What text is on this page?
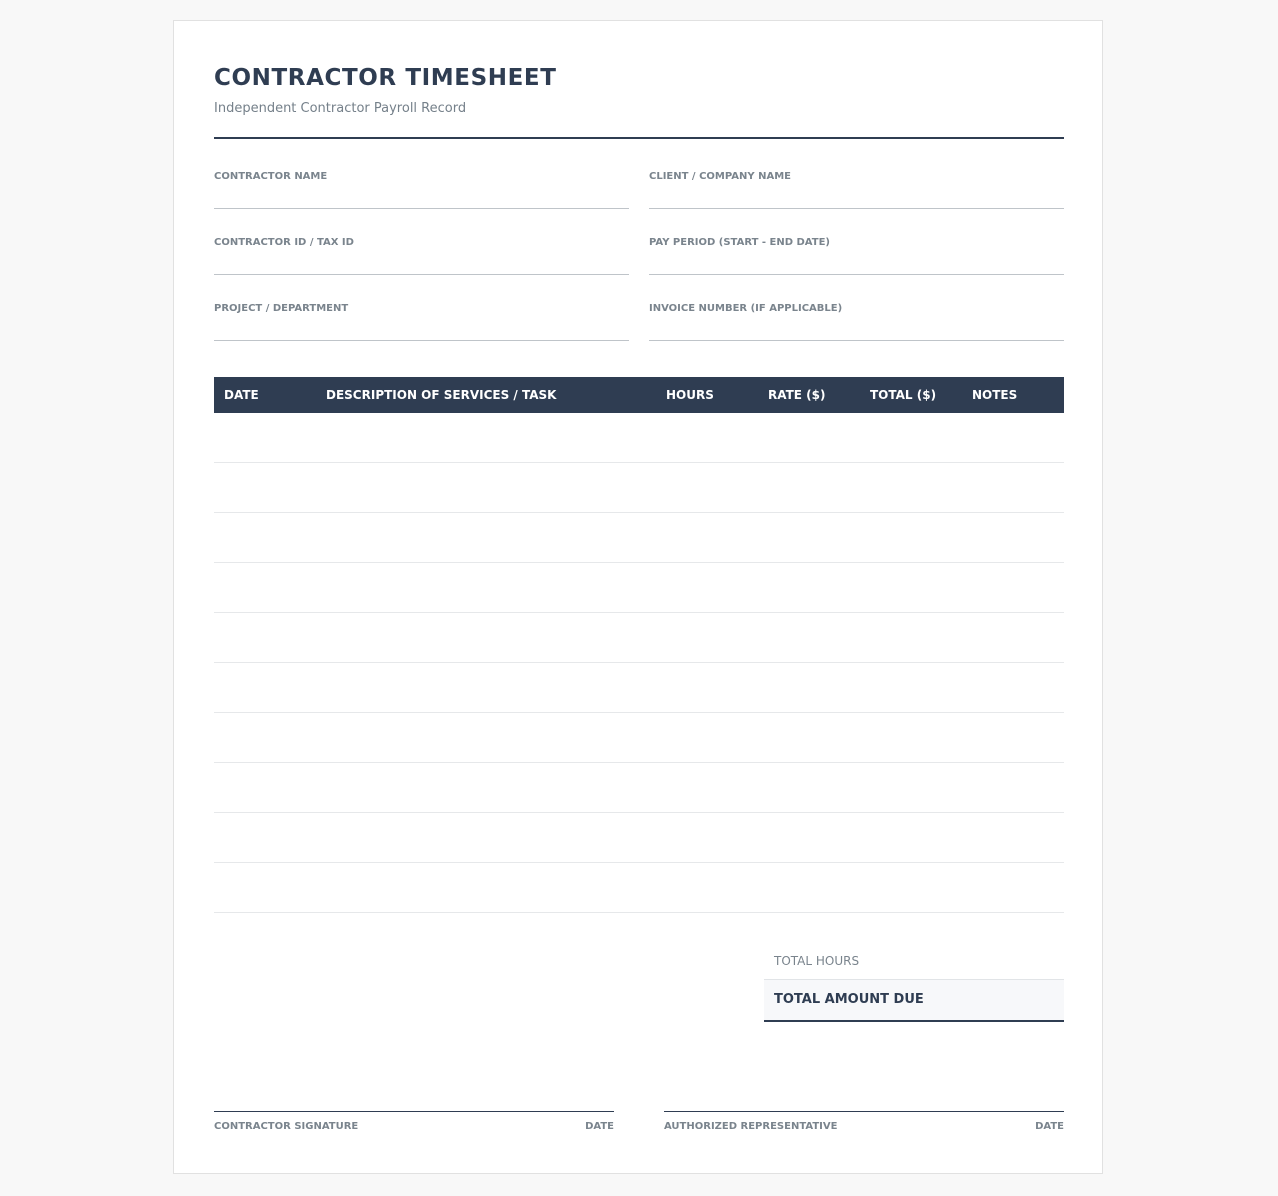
CONTRACTOR TIMESHEET
Independent Contractor Payroll Record
CONTRACTOR NAME	CLIENT / COMPANY NAME
CONTRACTOR ID / TAX ID	PAY PERIOD (START - END DATE)
PROJECT / DEPARTMENT	INVOICE NUMBER (IF APPLICABLE)
DATE	DESCRIPTION OF SERVICES / TASK	HOURS	RATE ($)	TOTAL ($)	NOTES
TOTAL HOURS
TOTAL AMOUNT DUE
CONTRACTOR SIGNATURE	DATE	AUTHORIZED REPRESENTATIVE	DATE
